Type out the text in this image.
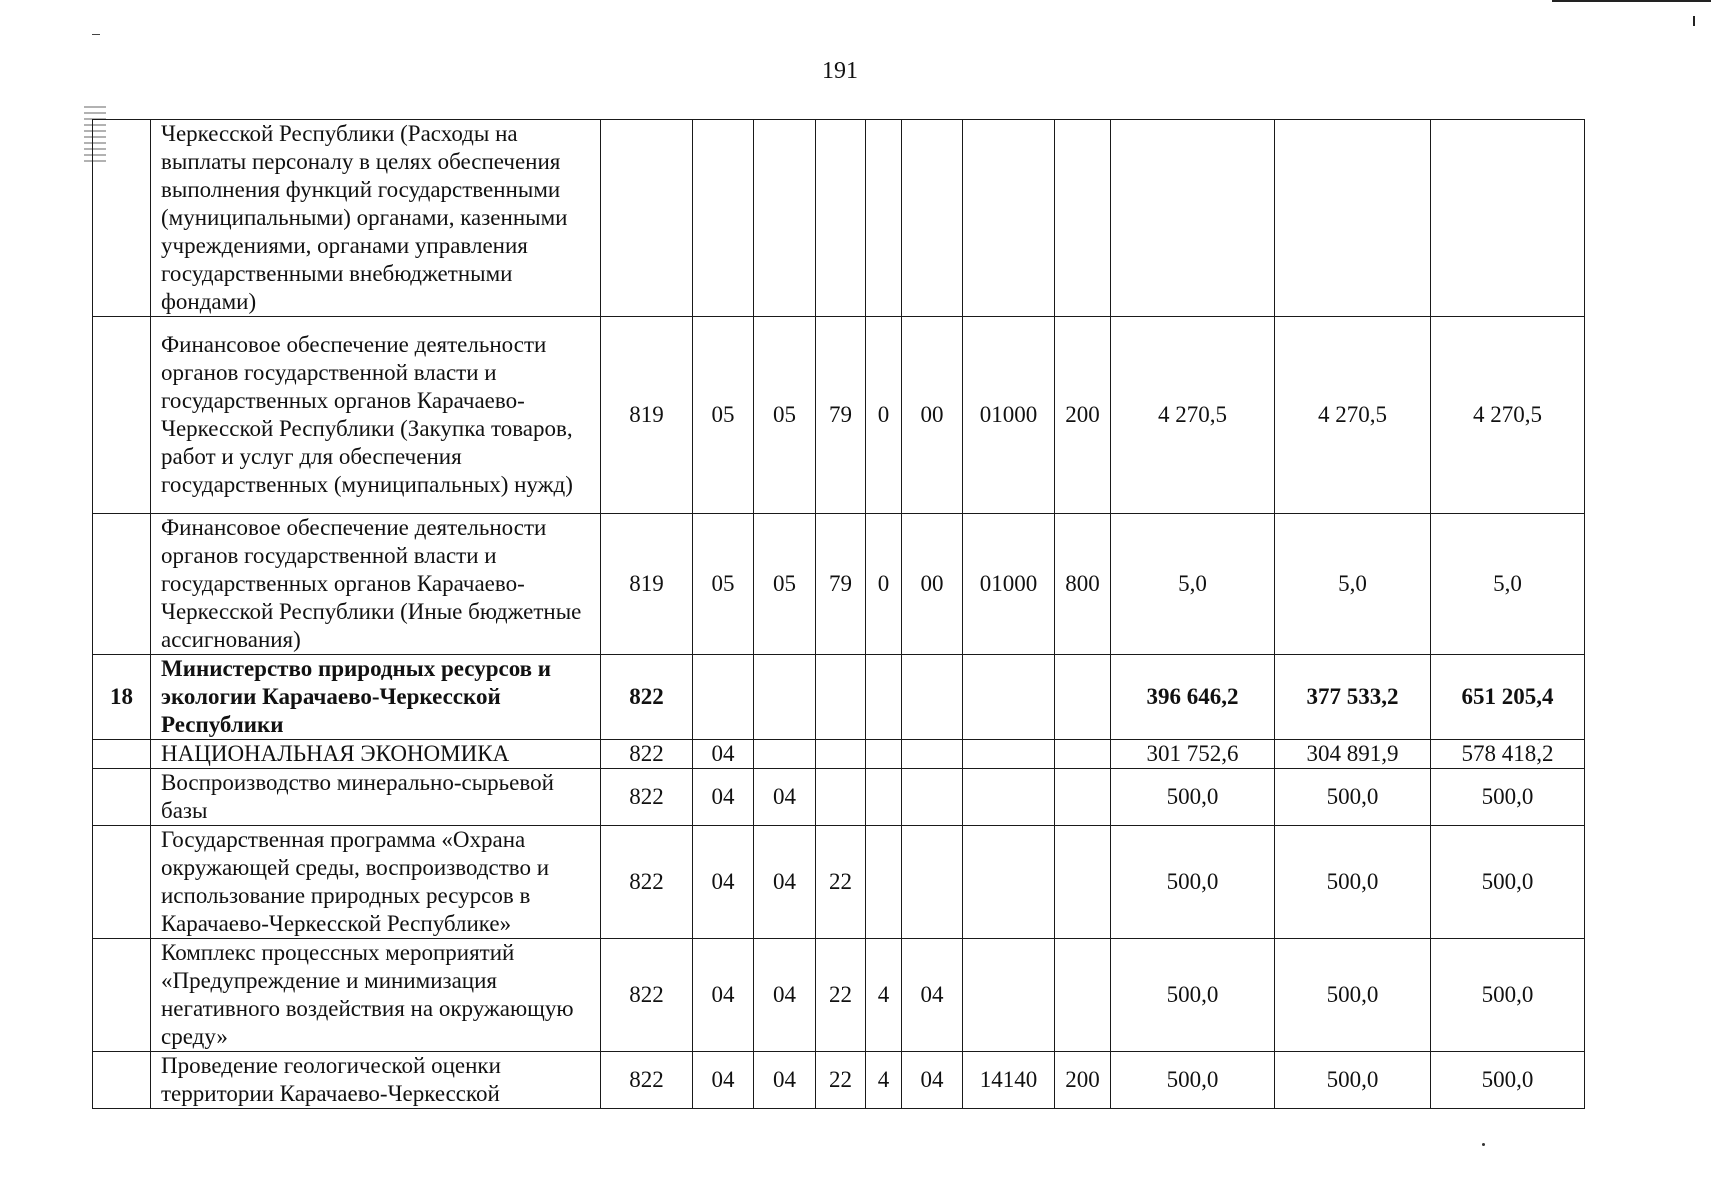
191
	Черкесской Республики (Расходы на выплаты персоналу в целях обеспечения выполнения функций государственными (муниципальными) органами, казенными учреждениями, органами управления государственными внебюджетными фондами)											
	Финансовое обеспечение деятельности органов государственной власти и государственных органов Карачаево-Черкесской Республики (Закупка товаров, работ и услуг для обеспечения государственных (муниципальных) нужд)	819	05	05	79	0	00	01000	200	4 270,5	4 270,5	4 270,5
	Финансовое обеспечение деятельности органов государственной власти и государственных органов Карачаево-Черкесской Республики (Иные бюджетные ассигнования)	819	05	05	79	0	00	01000	800	5,0	5,0	5,0
18	Министерство природных ресурсов и экологии Карачаево-Черкесской Республики	822								396 646,2	377 533,2	651 205,4
	НАЦИОНАЛЬНАЯ ЭКОНОМИКА	822	04							301 752,6	304 891,9	578 418,2
	Воспроизводство минерально-сырьевой базы	822	04	04						500,0	500,0	500,0
	Государственная программа «Охрана окружающей среды, воспроизводство и использование природных ресурсов в Карачаево-Черкесской Республике»	822	04	04	22					500,0	500,0	500,0
	Комплекс процессных мероприятий «Предупреждение и минимизация негативного воздействия на окружающую среду»	822	04	04	22	4	04			500,0	500,0	500,0
	Проведение геологической оценки территории Карачаево-Черкесской	822	04	04	22	4	04	14140	200	500,0	500,0	500,0
